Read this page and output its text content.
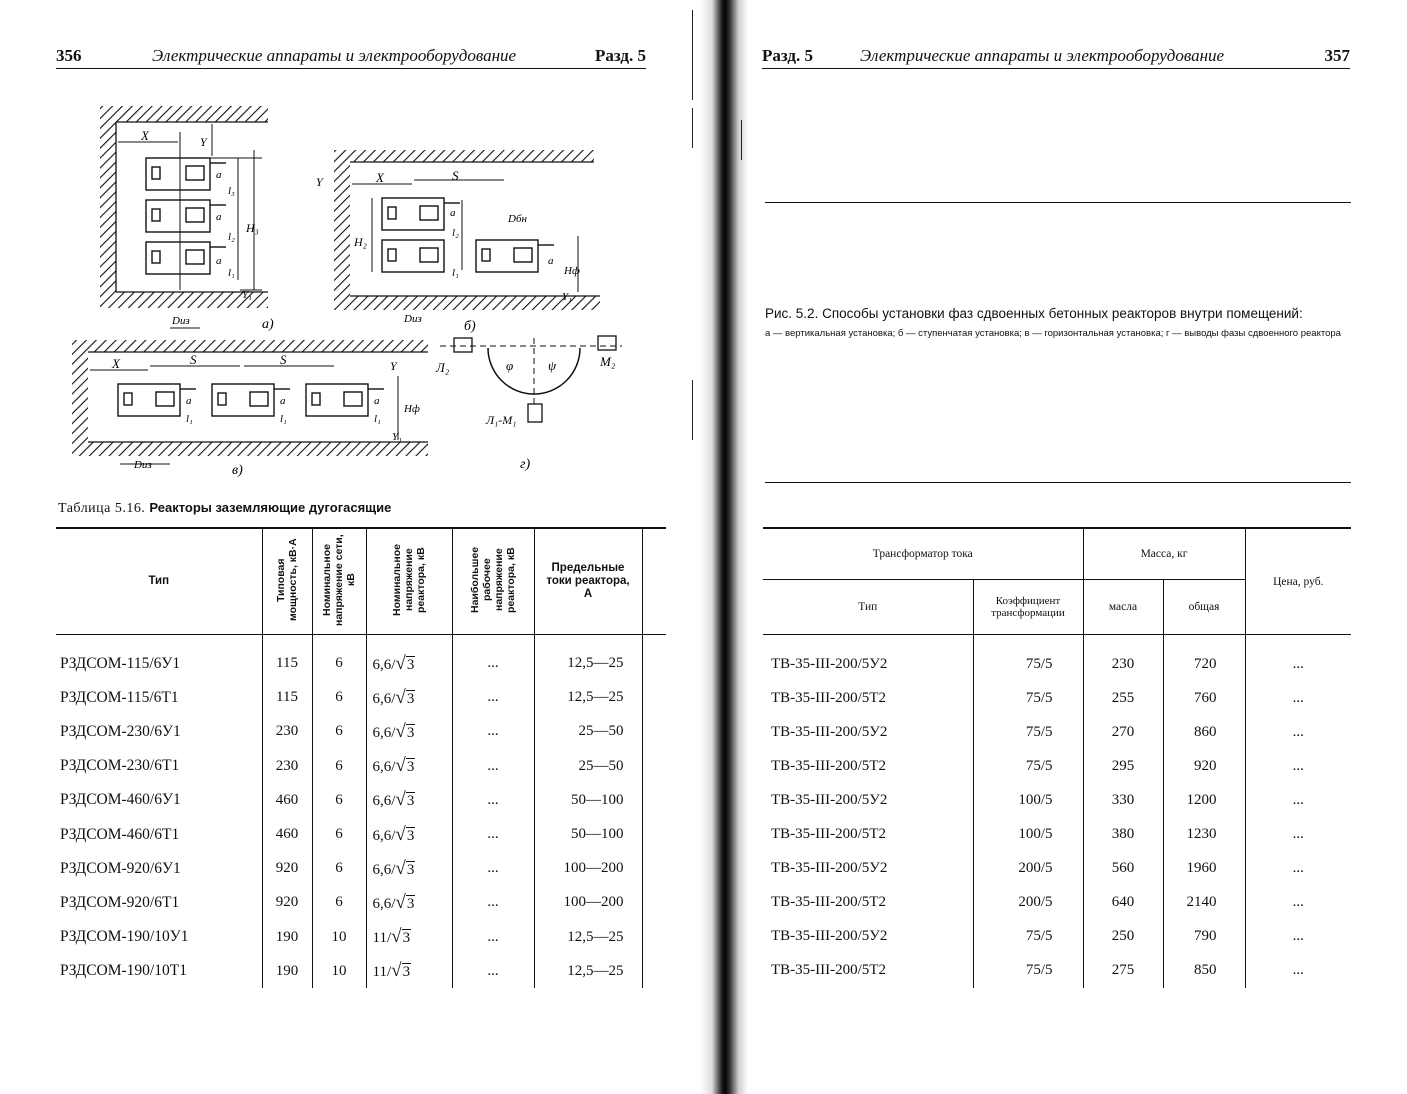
356	Электрические аппараты и электрооборудование	Разд. 5
X	Y
а
а
а
l₃
l₂
l₁
H₃
Y₁
Dиз	а)
X	S
Y
H₂
а
l₂
l₁
Dбн
а
Hф
Y₁
Dиз	б)
X	S	S	Y
а	а	а
l₁	l₁	l₁
Hф
Y₁
Dиз	в)
φ	ψ
Л₂	M₂
Л₁-M₁
г)
Таблица 5.16. Реакторы заземляющие дугогасящие
Тип	Типовая мощность, кВ·А	Номинальное напряжение сети, кВ	Номинальное напряжение реактора, кВ	Наибольшее рабочее напряжение реактора, кВ	Предельные токи реактора, А	
РЗДСОМ-115/6У1	115	6	6,6/√3	...	12,5—25	
РЗДСОМ-115/6Т1	115	6	6,6/√3	...	12,5—25	
РЗДСОМ-230/6У1	230	6	6,6/√3	...	25—50	
РЗДСОМ-230/6Т1	230	6	6,6/√3	...	25—50	
РЗДСОМ-460/6У1	460	6	6,6/√3	...	50—100	
РЗДСОМ-460/6Т1	460	6	6,6/√3	...	50—100	
РЗДСОМ-920/6У1	920	6	6,6/√3	...	100—200	
РЗДСОМ-920/6Т1	920	6	6,6/√3	...	100—200	
РЗДСОМ-190/10У1	190	10	11/√3	...	12,5—25	
РЗДСОМ-190/10Т1	190	10	11/√3	...	12,5—25	
Разд. 5	Электрические аппараты и электрооборудование	357
Рис. 5.2. Способы установки фаз сдвоенных бетонных реакторов внутри помещений:
а — вертикальная установка; б — ступенчатая установка; в — горизонтальная установка; г — выводы фазы сдвоенного реактора
Трансформатор тока		Масса, кг		Цена, руб.
Тип	Коэффициент трансформации	масла	общая	
ТВ-35-III-200/5У2	75/5	230	720	...
ТВ-35-III-200/5Т2	75/5	255	760	...
ТВ-35-III-200/5У2	75/5	270	860	...
ТВ-35-III-200/5Т2	75/5	295	920	...
ТВ-35-III-200/5У2	100/5	330	1200	...
ТВ-35-III-200/5Т2	100/5	380	1230	...
ТВ-35-III-200/5У2	200/5	560	1960	...
ТВ-35-III-200/5Т2	200/5	640	2140	...
ТВ-35-III-200/5У2	75/5	250	790	...
ТВ-35-III-200/5Т2	75/5	275	850	...
